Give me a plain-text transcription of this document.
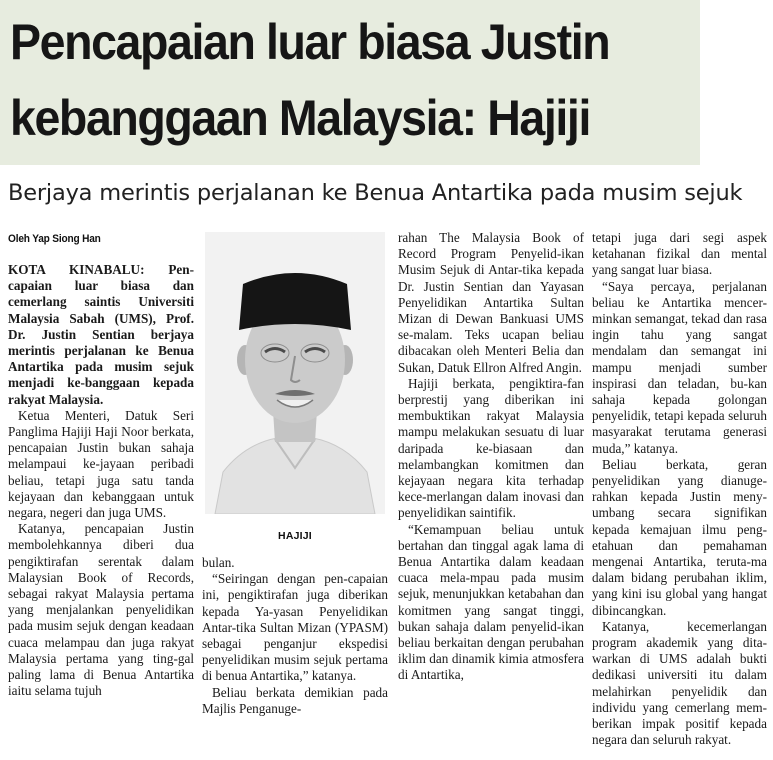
Pencapaian luar biasa Justin
kebanggaan Malaysia: Hajiji
Berjaya merintis perjalanan ke Benua Antartika pada musim sejuk
Oleh Yap Siong Han

KOTA KINABALU: Pen-capaian luar biasa dan cemerlang saintis Universiti Malaysia Sabah (UMS), Prof. Dr. Justin Sentian berjaya merintis perjalanan ke Benua Antartika pada musim sejuk menjadi ke-banggaan kepada rakyat Malaysia.

Ketua Menteri, Datuk Seri Panglima Hajiji Haji Noor berkata, pencapaian Justin bukan sahaja melampaui ke-jayaan peribadi beliau, tetapi juga satu tanda kejayaan dan kebanggaan untuk negara, negeri dan juga UMS.

Katanya, pencapaian Justin membolehkannya diberi dua pengiktirafan serentak dalam Malaysian Book of Records, sebagai rakyat Malaysia pertama yang menjalankan penyelidikan pada musim sejuk dengan keadaan cuaca melampau dan juga rakyat Malaysia pertama yang ting-gal paling lama di Benua Antartika iaitu selama tujuh

HAJIJI

bulan.

“Seiringan dengan pen-capaian ini, pengiktirafan juga diberikan kepada Ya-yasan Penyelidikan Antar-tika Sultan Mizan (YPASM) sebagai penganjur ekspedisi penyelidikan musim sejuk pertama di benua Antartika,” katanya.

Beliau berkata demikian pada Majlis Penganuge-

rahan The Malaysia Book of Record Program Penyelid-ikan Musim Sejuk di Antar-tika kepada Dr. Justin Sentian dan Yayasan Penyelidikan Antartika Sultan Mizan di Dewan Bankuasi UMS se-malam. Teks ucapan beliau dibacakan oleh Menteri Belia dan Sukan, Datuk Ellron Alfred Angin.

Hajiji berkata, pengiktira-fan berprestij yang diberikan ini membuktikan rakyat Malaysia mampu melakukan sesuatu di luar daripada ke-biasaan dan melambangkan komitmen dan kejayaan negara kita terhadap kece-merlangan dalam inovasi dan penyelidikan saintifik.

“Kemampuan beliau untuk bertahan dan tinggal agak lama di Benua Antartika dalam keadaan cuaca mela-mpau pada musim sejuk, menunjukkan ketabahan dan komitmen yang sangat tinggi, bukan sahaja dalam penyelid-ikan beliau berkaitan dengan perubahan iklim dan dinamik kimia atmosfera di Antartika,

tetapi juga dari segi aspek ketahanan fizikal dan mental yang sangat luar biasa.

“Saya percaya, perjalanan beliau ke Antartika mencer-minkan semangat, tekad dan rasa ingin tahu yang sangat mendalam dan semangat ini mampu menjadi sumber inspirasi dan teladan, bu-kan sahaja kepada golongan penyelidik, tetapi kepada seluruh masyarakat terutama generasi muda,” katanya.

Beliau berkata, geran penyelidikan yang dianuge-rahkan kepada Justin meny-umbang secara signifikan kepada kemajuan ilmu peng-etahuan dan pemahaman mengenai Antartika, teruta-ma dalam bidang perubahan iklim, yang kini isu global yang hangat dibincangkan.

Katanya, kecemerlangan program akademik yang dita-warkan di UMS adalah bukti dedikasi universiti itu dalam melahirkan penyelidik dan individu yang cemerlang mem-berikan impak positif kepada negara dan seluruh rakyat.
